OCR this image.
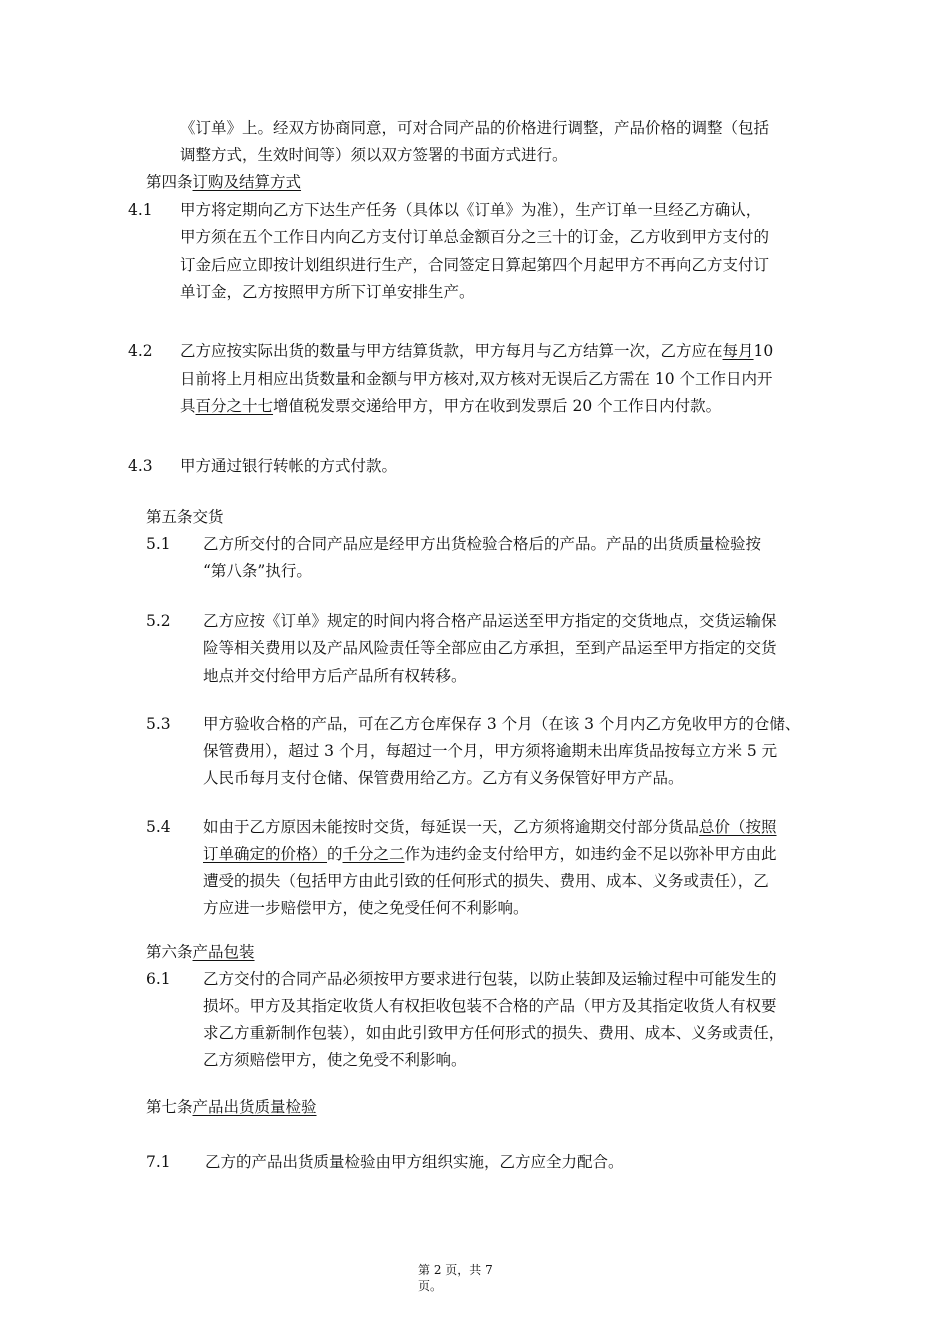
《订单》上。经双方协商同意，可对合同产品的价格进行调整，产品价格的调整（包括
调整方式，生效时间等）须以双方签署的书面方式进行。
第四条订购及结算方式
4.1 甲方将定期向乙方下达生产任务（具体以《订单》为准），生产订单一旦经乙方确认，
甲方须在五个工作日内向乙方支付订单总金额百分之三十的订金，乙方收到甲方支付的
订金后应立即按计划组织进行生产，合同签定日算起第四个月起甲方不再向乙方支付订
单订金，乙方按照甲方所下订单安排生产。
4.2 乙方应按实际出货的数量与甲方结算货款，甲方每月与乙方结算一次，乙方应在每月10
日前将上月相应出货数量和金额与甲方核对,双方核对无误后乙方需在 10 个工作日内开
具百分之十七增值税发票交递给甲方，甲方在收到发票后 20 个工作日内付款。
4.3 甲方通过银行转帐的方式付款。
第五条交货
5.1 乙方所交付的合同产品应是经甲方出货检验合格后的产品。产品的出货质量检验按
“第八条”执行。
5.2 乙方应按《订单》规定的时间内将合格产品运送至甲方指定的交货地点，交货运输保
险等相关费用以及产品风险责任等全部应由乙方承担，至到产品运至甲方指定的交货
地点并交付给甲方后产品所有权转移。
5.3 甲方验收合格的产品，可在乙方仓库保存 3 个月（在该 3 个月内乙方免收甲方的仓储、
保管费用），超过 3 个月，每超过一个月，甲方须将逾期未出库货品按每立方米 5 元
人民币每月支付仓储、保管费用给乙方。乙方有义务保管好甲方产品。
5.4 如由于乙方原因未能按时交货，每延误一天，乙方须将逾期交付部分货品总价（按照
订单确定的价格）的千分之二作为违约金支付给甲方，如违约金不足以弥补甲方由此
遭受的损失（包括甲方由此引致的任何形式的损失、费用、成本、义务或责任），乙
方应进一步赔偿甲方，使之免受任何不利影响。
第六条产品包装
6.1 乙方交付的合同产品必须按甲方要求进行包装，以防止装卸及运输过程中可能发生的
损坏。甲方及其指定收货人有权拒收包装不合格的产品（甲方及其指定收货人有权要
求乙方重新制作包装），如由此引致甲方任何形式的损失、费用、成本、义务或责任，
乙方须赔偿甲方，使之免受不利影响。
第七条产品出货质量检验
7.1 乙方的产品出货质量检验由甲方组织实施，乙方应全力配合。
第 2 页，共 7
页。
